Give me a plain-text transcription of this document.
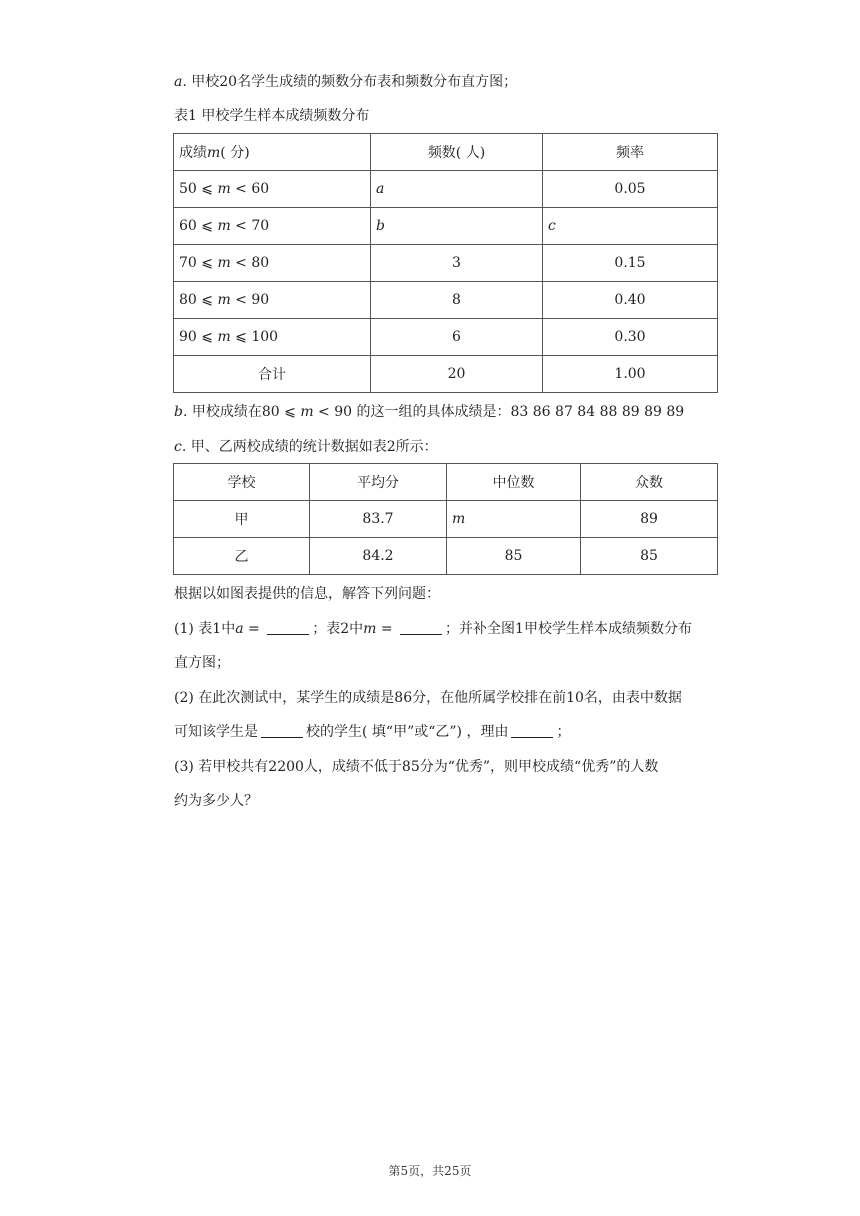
a. 甲校20名学生成绩的频数分布表和频数分布直方图；
表1 甲校学生样本成绩频数分布
成绩m( 分)	频数( 人)	频率
50 ⩽ m < 60	a	0.05
60 ⩽ m < 70	b	c
70 ⩽ m < 80	3	0.15
80 ⩽ m < 90	8	0.40
90 ⩽ m ⩽ 100	6	0.30
合计	20	1.00
b. 甲校成绩在80 ⩽ m < 90 的这一组的具体成绩是：83 86 87 84 88 89 89 89
c. 甲、乙两校成绩的统计数据如表2所示：
学校	平均分	中位数	众数
甲	83.7	m	89
乙	84.2	85	85
根据以如图表提供的信息，解答下列问题：
(1) 表1中a =	；表2中m =	；并补全图1甲校学生样本成绩频数分布
直方图；
(2) 在此次测试中，某学生的成绩是86分，在他所属学校排在前10名，由表中数据
可知该学生是	校的学生( 填“甲”或“乙”) ，理由	；
(3) 若甲校共有2200人，成绩不低于85分为“优秀”，则甲校成绩“优秀”的人数
约为多少人？
第5页，共25页
